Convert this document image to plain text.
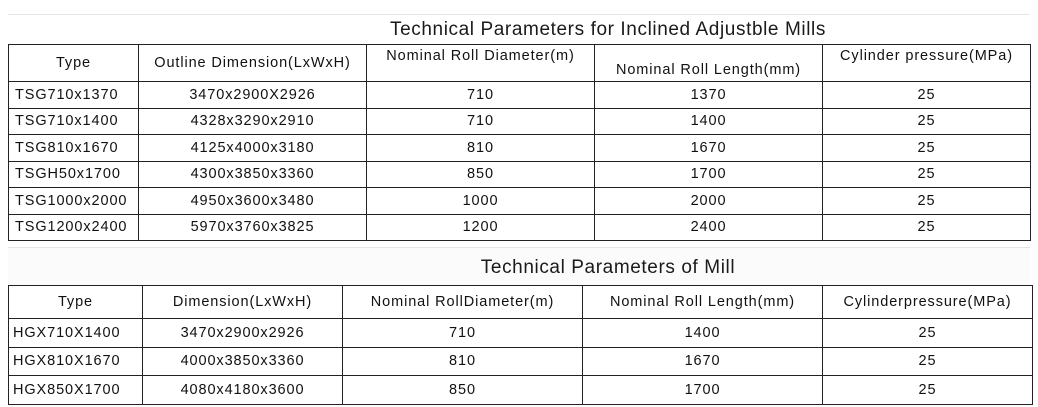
Technical Parameters for Inclined Adjustble Mills
Type	Outline Dimension(LxWxH)	Nominal Roll Diameter(m)	Nominal Roll Length(mm)	Cylinder pressure(MPa)
TSG710x1370	3470x2900X2926	710	1370	25
TSG710x1400	4328x3290x2910	710	1400	25
TSG810x1670	4125x4000x3180	810	1670	25
TSGH50x1700	4300x3850x3360	850	1700	25
TSG1000x2000	4950x3600x3480	1000	2000	25
TSG1200x2400	5970x3760x3825	1200	2400	25
Technical Parameters of Mill
Type	Dimension(LxWxH)	Nominal RollDiameter(m)	Nominal Roll Length(mm)	Cylinderpressure(MPa)
HGX710X1400	3470x2900x2926	710	1400	25
HGX810X1670	4000x3850x3360	810	1670	25
HGX850X1700	4080x4180x3600	850	1700	25
